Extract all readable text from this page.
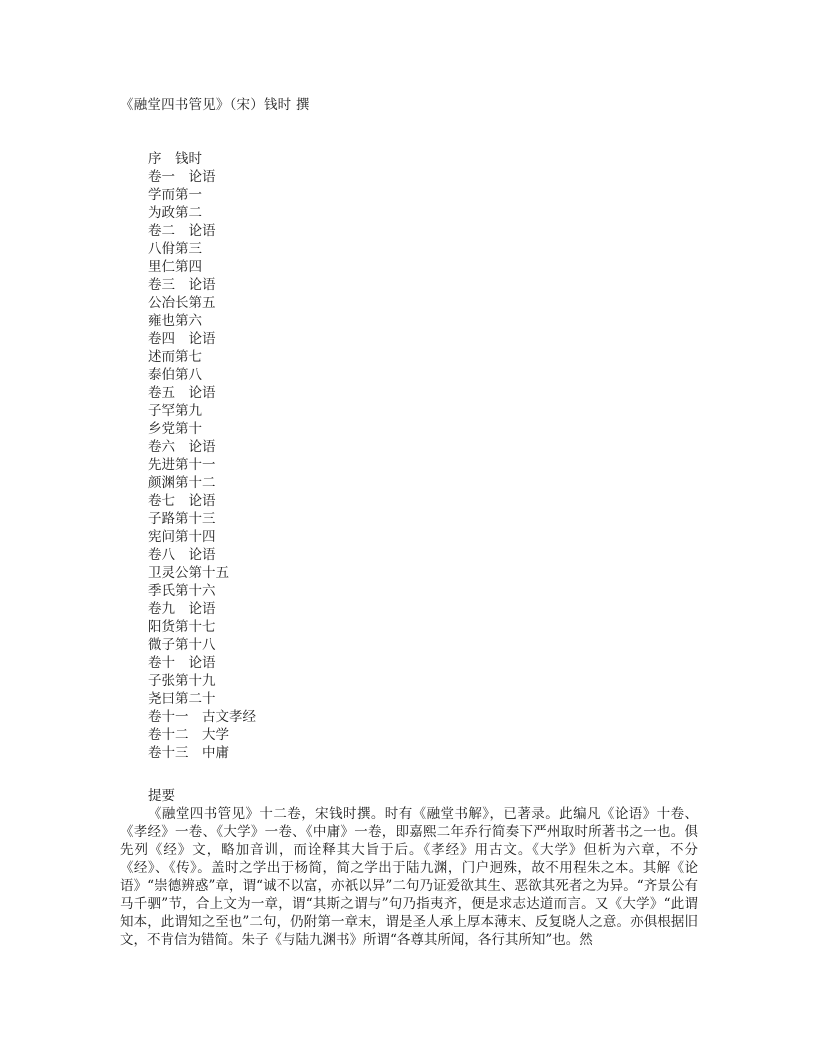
《融堂四书管见》（宋）钱时 撰
序　钱时
卷一　论语
学而第一
为政第二
卷二　论语
八佾第三
里仁第四
卷三　论语
公冶长第五
雍也第六
卷四　论语
述而第七
泰伯第八
卷五　论语
子罕第九
乡党第十
卷六　论语
先进第十一
颜渊第十二
卷七　论语
子路第十三
宪问第十四
卷八　论语
卫灵公第十五
季氏第十六
卷九　论语
阳货第十七
微子第十八
卷十　论语
子张第十九
尧曰第二十
卷十一　古文孝经
卷十二　大学
卷十三　中庸
提要

《融堂四书管见》十二卷，宋钱时撰。时有《融堂书解》，已著录。此编凡《论语》十卷、《孝经》一卷、《大学》一卷、《中庸》一卷，即嘉熙二年乔行简奏下严州取时所著书之一也。俱先列《经》文，略加音训，而诠释其大旨于后。《孝经》用古文。《大学》但析为六章，不分《经》、《传》。盖时之学出于杨简，简之学出于陆九渊，门户迥殊，故不用程朱之本。其解《论语》“崇德辨惑”章，谓“诚不以富，亦祇以异”二句乃证爱欲其生、恶欲其死者之为异。“齐景公有马千驷”节，合上文为一章，谓“其斯之谓与”句乃指夷齐，便是求志达道而言。又《大学》“此谓知本，此谓知之至也”二句，仍附第一章末，谓是圣人承上厚本薄末、反复晓人之意。亦俱根据旧文，不肯信为错简。朱子《与陆九渊书》所谓“各尊其所闻，各行其所知”也。然
